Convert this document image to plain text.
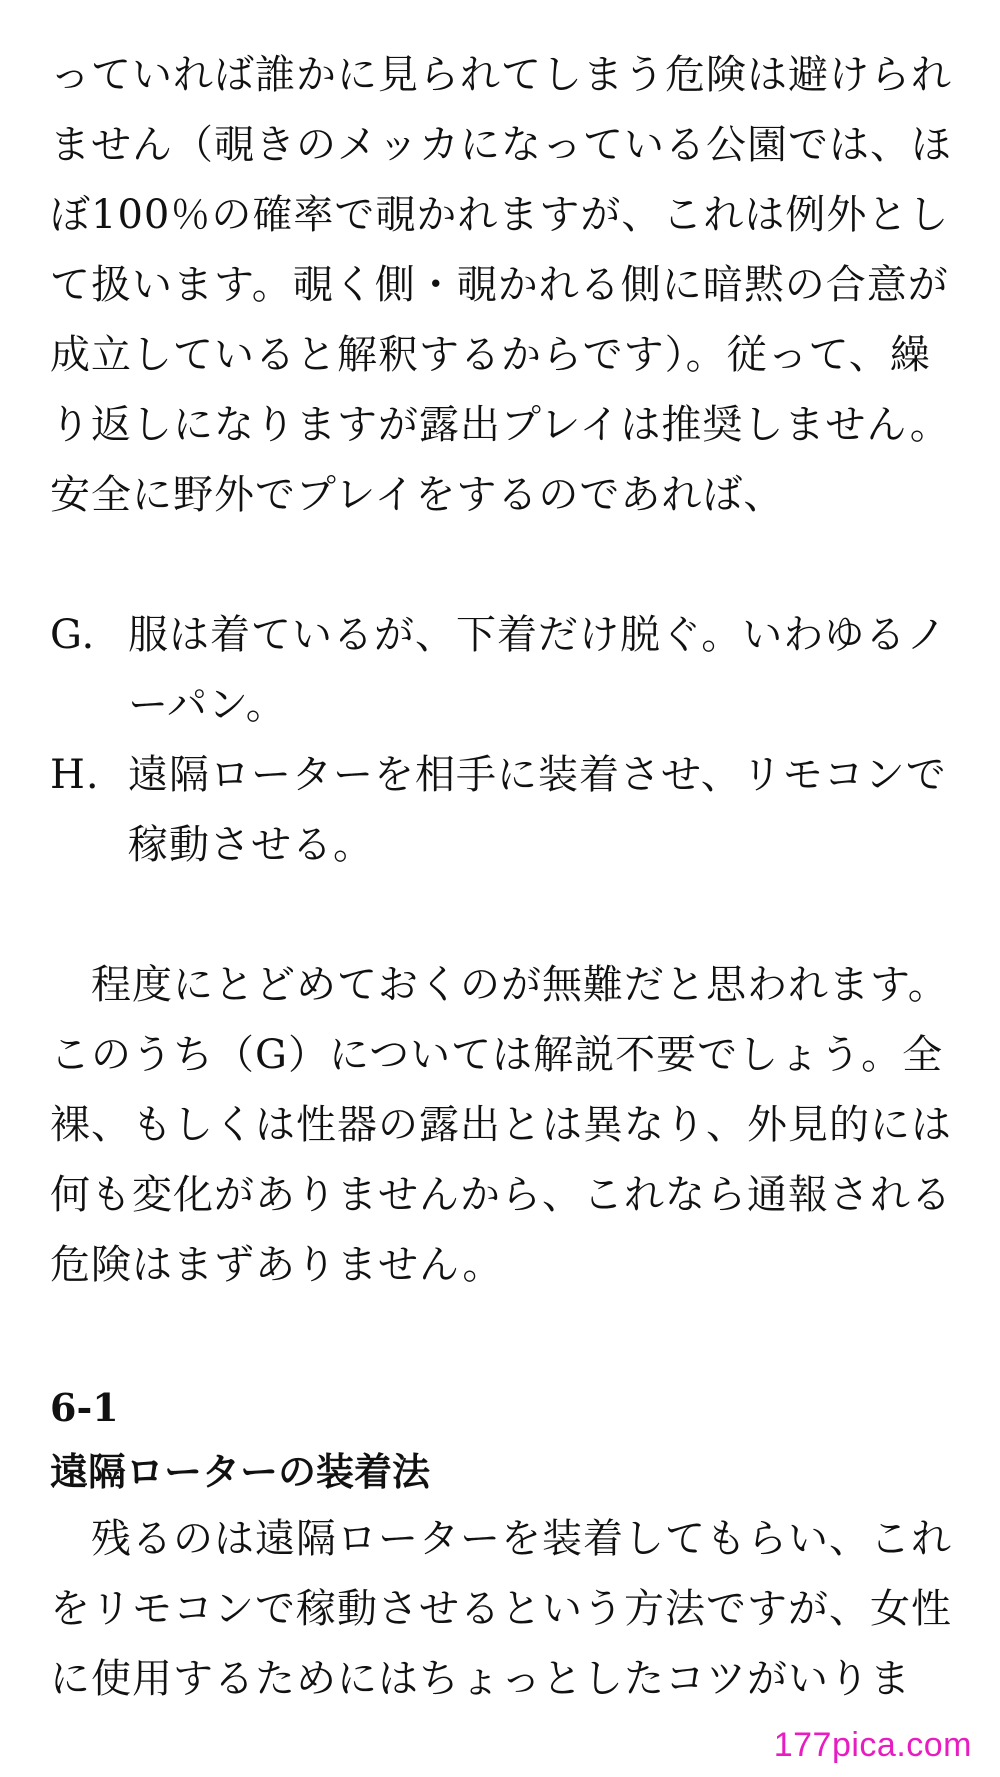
っていれば誰かに見られてしまう危険は避けられ
ません（覗きのメッカになっている公園では、ほ
ぼ100％の確率で覗かれますが、これは例外とし
て扱います。覗く側・覗かれる側に暗黙の合意が
成立していると解釈するからです）。従って、繰
り返しになりますが露出プレイは推奨しません。
安全に野外でプレイをするのであれば、
G. 服は着ているが、下着だけ脱ぐ。いわゆるノ
ーパン。
H. 遠隔ローターを相手に装着させ、リモコンで
稼動させる。
　程度にとどめておくのが無難だと思われます。
このうち（G）については解説不要でしょう。全
裸、もしくは性器の露出とは異なり、外見的には
何も変化がありませんから、これなら通報される
危険はまずありません。
6-1
遠隔ローターの装着法
　残るのは遠隔ローターを装着してもらい、これ
をリモコンで稼動させるという方法ですが、女性
に使用するためにはちょっとしたコツがいりま
177pica.com
